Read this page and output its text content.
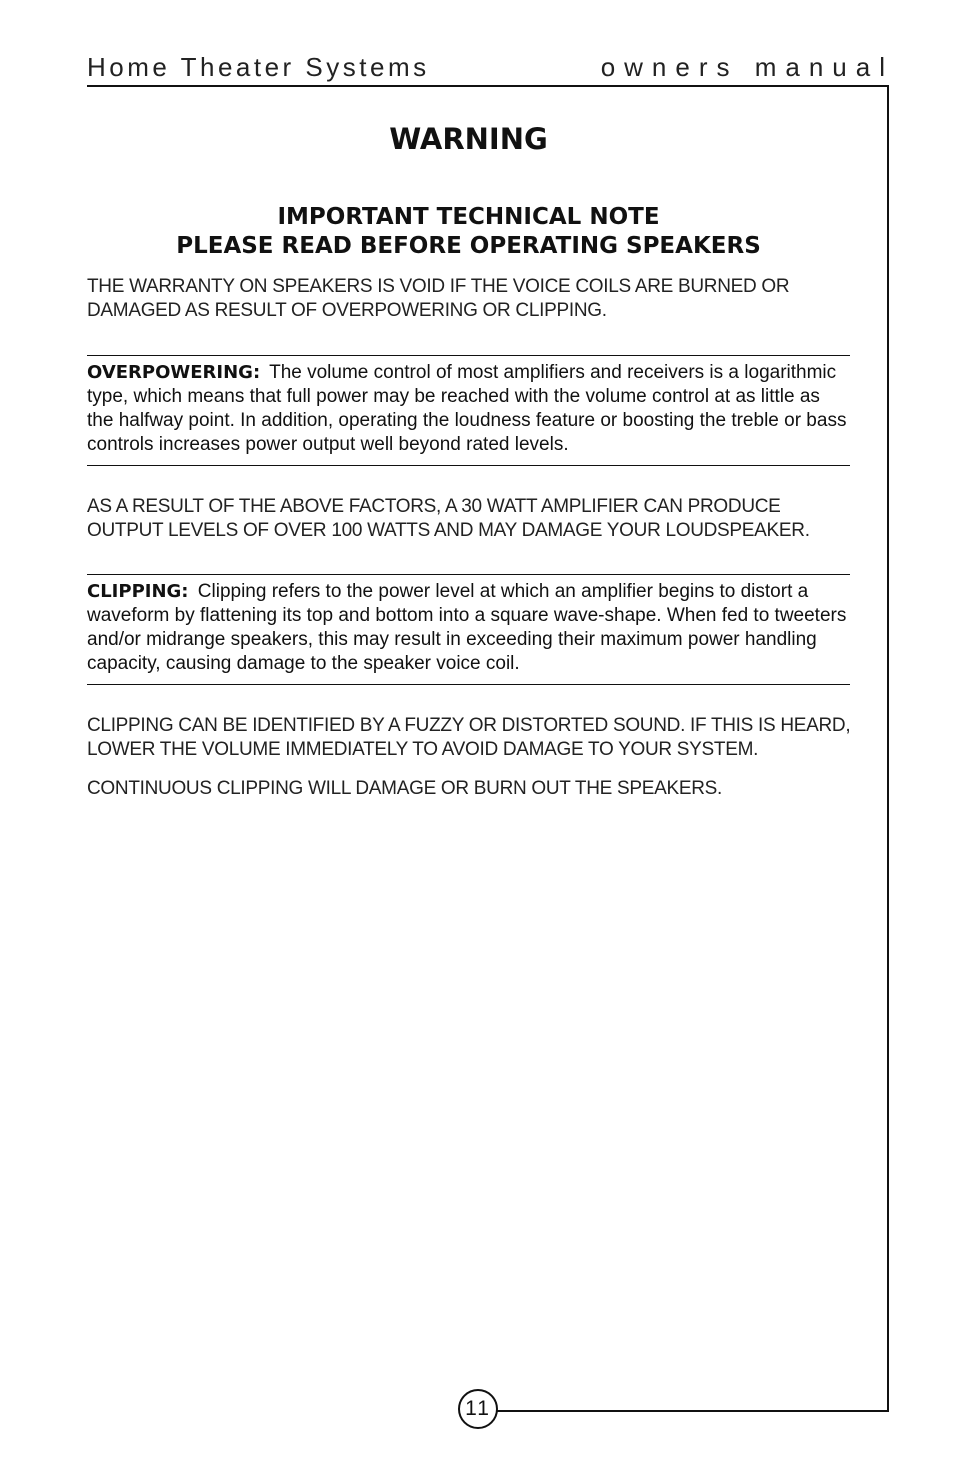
Home Theater Systems	owners manual
WARNING
IMPORTANT TECHNICAL NOTE
PLEASE READ BEFORE OPERATING SPEAKERS
THE WARRANTY ON SPEAKERS IS VOID IF THE VOICE COILS ARE BURNED OR DAMAGED AS RESULT OF OVERPOWERING OR CLIPPING.
OVERPOWERING: The volume control of most amplifiers and receivers is a logarithmic type, which means that full power may be reached with the volume control at as little as the halfway point. In addition, operating the loudness feature or boosting the treble or bass controls increases power output well beyond rated levels.
AS A RESULT OF THE ABOVE FACTORS, A 30 WATT AMPLIFIER CAN PRODUCE OUTPUT LEVELS OF OVER 100 WATTS AND MAY DAMAGE YOUR LOUDSPEAKER.
CLIPPING: Clipping refers to the power level at which an amplifier begins to distort a waveform by flattening its top and bottom into a square wave-shape. When fed to tweeters and/or midrange speakers, this may result in exceeding their maximum power handling capacity, causing damage to the speaker voice coil.
CLIPPING CAN BE IDENTIFIED BY A FUZZY OR DISTORTED SOUND. IF THIS IS HEARD, LOWER THE VOLUME IMMEDIATELY TO AVOID DAMAGE TO YOUR SYSTEM.
CONTINUOUS CLIPPING WILL DAMAGE OR BURN OUT THE SPEAKERS.
11
